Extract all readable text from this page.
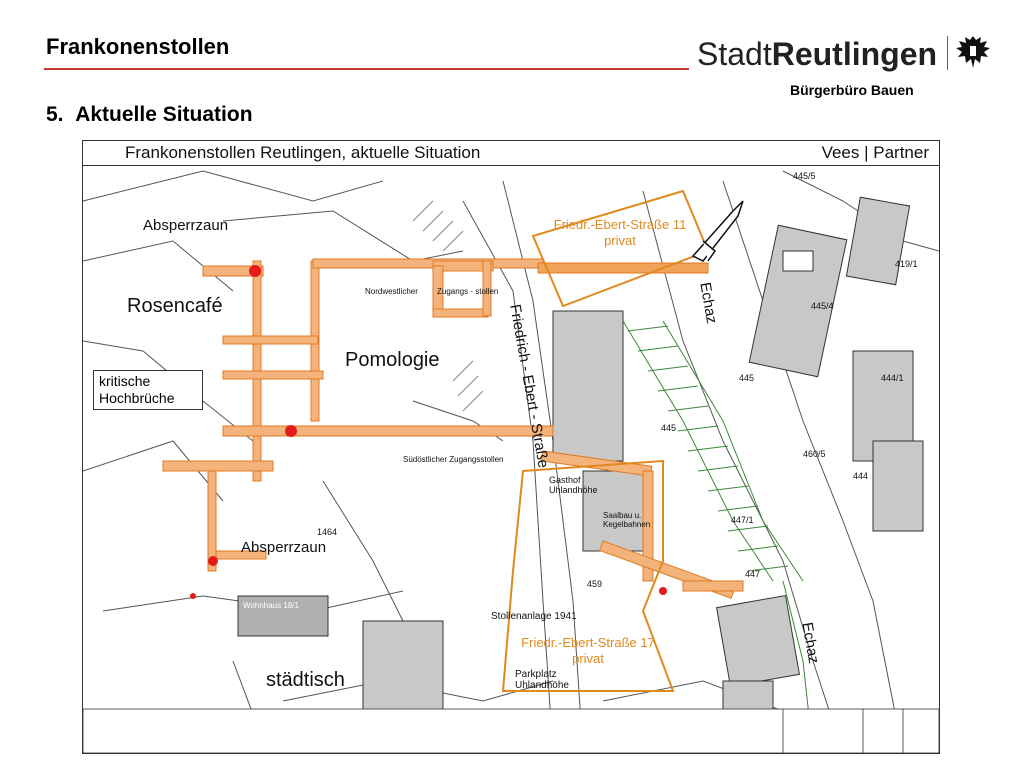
Frankonenstollen	StadtReutlingen
Bürgerbüro Bauen
5. Aktuelle Situation
Frankonenstollen Reutlingen, aktuelle Situation	Vees | Partner
Absperrzaun
Rosencafé
Pomologie
kritische
Hochbrüche
Absperrzaun
städtisch
Friedrich - Ebert - Straße	Echaz
Echaz
Friedr.-Ebert-Straße 11
privat
Friedr.-Ebert-Straße 17
privat
Nordwestlicher Zugangs - stollen
Südöstlicher Zugangsstollen
Gasthof Uhlandhöhe
Saalbau u. Kegelbahnen
Stollenanlage 1941
Parkplatz Uhlandhöhe
Wohnhaus 18/1
445/5
445/4
445	444/1
419/1
460/5
444
447/1
447
445
1464
459
